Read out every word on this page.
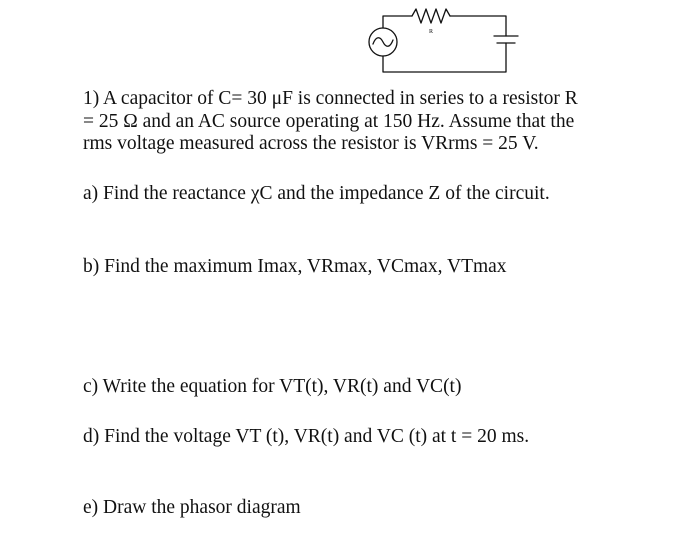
R
1) A capacitor of C= 30 μF is connected in series to a resistor R
= 25 Ω and an AC source operating at 150 Hz. Assume that the
rms voltage measured across the resistor is VRrms = 25 V.

a) Find the reactance χC and the impedance Z of the circuit.

b) Find the maximum Imax, VRmax, VCmax, VTmax

c) Write the equation for VT(t), VR(t) and VC(t)

d) Find the voltage VT (t), VR(t) and VC (t) at t = 20 ms.

e) Draw the phasor diagram
